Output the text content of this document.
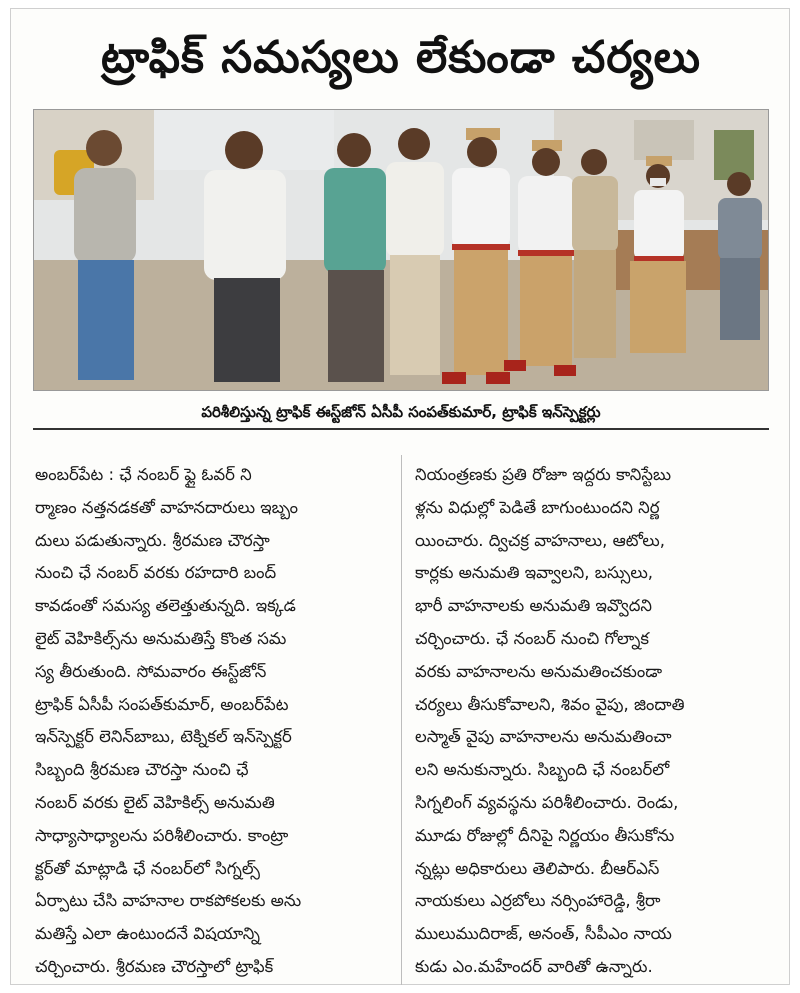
ట్రాఫిక్ సమస్యలు లేకుండా చర్యలు
పరిశీలిస్తున్న ట్రాఫిక్ ఈస్ట్‌జోన్ ఏసీపీ సంపత్‌కుమార్, ట్రాఫిక్ ఇన్‌స్పెక్టర్లు
అంబర్‌పేట : ఛే నంబర్ ఫ్లై ఓవర్ ని
ర్మాణం నత్తనడకతో వాహనదారులు ఇబ్బం
దులు పడుతున్నారు. శ్రీరమణ చౌరస్తా
నుంచి ఛే నంబర్ వరకు రహదారి బంద్
కావడంతో సమస్య తలెత్తుతున్నది. ఇక్కడ
లైట్ వెహికిల్స్‌ను అనుమతిస్తే కొంత సమ
స్య తీరుతుంది. సోమవారం ఈస్ట్‌జోన్
ట్రాఫిక్ ఏసీపీ సంపత్‌కుమార్, అంబర్‌పేట
ఇన్‌స్పెక్టర్ లెనిన్‌బాబు, టెక్నికల్ ఇన్‌స్పెక్టర్
సిబ్బంది శ్రీరమణ చౌరస్తా నుంచి ఛే
నంబర్ వరకు లైట్ వెహికిల్స్ అనుమతి
సాధ్యాసాధ్యాలను పరిశీలించారు. కాంట్రా
క్టర్‌తో మాట్లాడి ఛే నంబర్‌లో సిగ్నల్స్
ఏర్పాటు చేసి వాహనాల రాకపోకలకు అను
మతిస్తే ఎలా ఉంటుందనే విషయాన్ని
చర్చించారు. శ్రీరమణ చౌరస్తాలో ట్రాఫిక్
నియంత్రణకు ప్రతి రోజూ ఇద్దరు కానిస్టేబు
ళ్లను విధుల్లో పెడితే బాగుంటుందని నిర్ణ
యించారు. ద్విచక్ర వాహనాలు, ఆటోలు,
కార్లకు అనుమతి ఇవ్వాలని, బస్సులు,
భారీ వాహనాలకు అనుమతి ఇవ్వొదని
చర్చించారు. ఛే నంబర్ నుంచి గోల్నాక
వరకు వాహనాలను అనుమతించకుండా
చర్యలు తీసుకోవాలని, శివం వైపు, జిందాతి
లస్మాత్ వైపు వాహనాలను అనుమతించా
లని అనుకున్నారు. సిబ్బంది ఛే నంబర్‌లో
సిగ్నలింగ్ వ్యవస్థను పరిశీలించారు. రెండు,
మూడు రోజుల్లో దీనిపై నిర్ణయం తీసుకోను
న్నట్లు అధికారులు తెలిపారు. బీఆర్ఎస్
నాయకులు ఎర్రబోలు నర్సింహారెడ్డి, శ్రీరా
ములుముదిరాజ్, అనంత్, సీపీఎం నాయ
కుడు ఎం.మహేందర్ వారితో ఉన్నారు.
